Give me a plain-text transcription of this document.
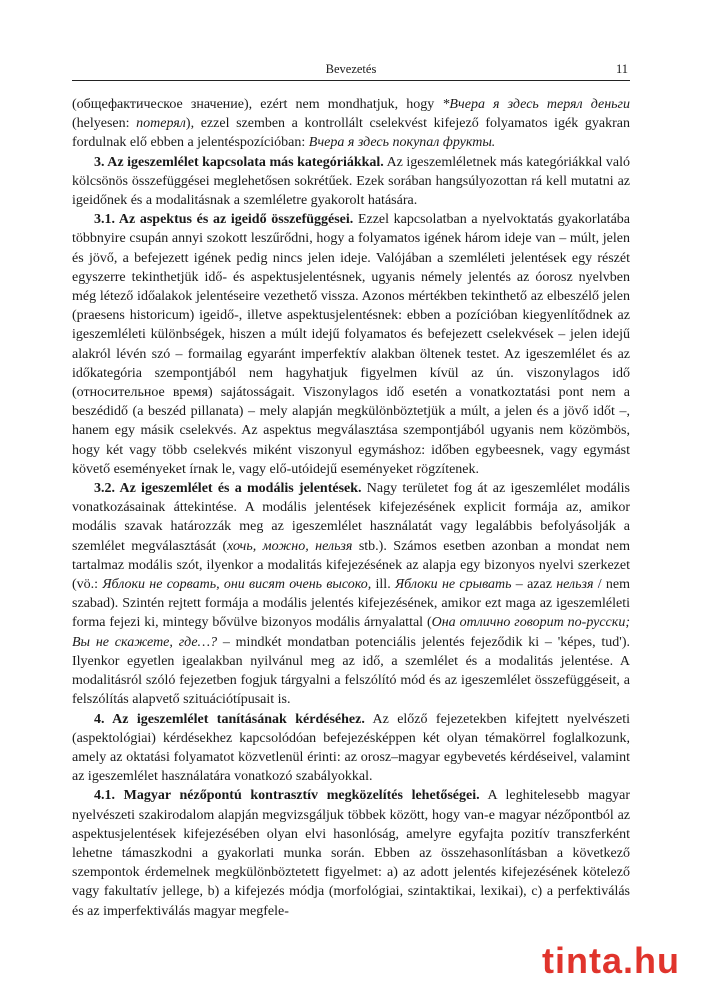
Bevezetés	11

(общефактическое значение), ezért nem mondhatjuk, hogy *Вчера я здесь терял деньги (helyesen: потерял), ezzel szemben a kontrollált cselekvést kifejező folyamatos igék gyakran fordulnak elő ebben a jelentéspozícióban: Вчера я здесь покупал фрукты.

3. Az igeszemlélet kapcsolata más kategóriákkal. Az igeszemléletnek más kategóriákkal való kölcsönös összefüggései meglehetősen sokrétűek. Ezek sorában hangsúlyozottan rá kell mutatni az igeidőnek és a modalitásnak a szemléletre gyakorolt hatására.

3.1. Az aspektus és az igeidő összefüggései. Ezzel kapcsolatban a nyelvoktatás gyakorlatába többnyire csupán annyi szokott leszűrődni, hogy a folyamatos igének három ideje van – múlt, jelen és jövő, a befejezett igének pedig nincs jelen ideje. Valójában a szemléleti jelentések egy részét egyszerre tekinthetjük idő- és aspektusjelentésnek, ugyanis némely jelentés az óorosz nyelvben még létező időalakok jelentéseire vezethető vissza. Azonos mértékben tekinthető az elbeszélő jelen (praesens historicum) igeidő-, illetve aspektusjelentésnek: ebben a pozícióban kiegyenlítődnek az igeszemléleti különbségek, hiszen a múlt idejű folyamatos és befejezett cselekvések – jelen idejű alakról lévén szó – formailag egyaránt imperfektív alakban öltenek testet. Az igeszemlélet és az időkategória szempontjából nem hagyhatjuk figyelmen kívül az ún. viszonylagos idő (относительное время) sajátosságait. Viszonylagos idő esetén a vonatkoztatási pont nem a beszédidő (a beszéd pillanata) – mely alapján megkülönböztetjük a múlt, a jelen és a jövő időt –, hanem egy másik cselekvés. Az aspektus megválasztása szempontjából ugyanis nem közömbös, hogy két vagy több cselekvés miként viszonyul egymáshoz: időben egybeesnek, vagy egymást követő eseményeket írnak le, vagy elő-utóidejű eseményeket rögzítenek.

3.2. Az igeszemlélet és a modális jelentések. Nagy területet fog át az igeszemlélet modális vonatkozásainak áttekintése. A modális jelentések kifejezésének explicit formája az, amikor modális szavak határozzák meg az igeszemlélet használatát vagy legalábbis befolyásolják a szemlélet megválasztását (хочь, можно, нельзя stb.). Számos esetben azonban a mondat nem tartalmaz modális szót, ilyenkor a modalitás kifejezésének az alapja egy bizonyos nyelvi szerkezet (vö.: Яблоки не сорвать, они висят очень высоко, ill. Яблоки не срывать – azaz нельзя / nem szabad). Szintén rejtett formája a modális jelentés kifejezésének, amikor ezt maga az igeszemléleti forma fejezi ki, mintegy bővülve bizonyos modális árnyalattal (Она отлично говорит по-русски; Вы не скажете, где…? – mindkét mondatban potenciális jelentés fejeződik ki – 'képes, tud'). Ilyenkor egyetlen igealakban nyilvánul meg az idő, a szemlélet és a modalitás jelentése. A modalitásról szóló fejezetben fogjuk tárgyalni a felszólító mód és az igeszemlélet összefüggéseit, a felszólítás alapvető szituációtípusait is.

4. Az igeszemlélet tanításának kérdéséhez. Az előző fejezetekben kifejtett nyelvészeti (aspektológiai) kérdésekhez kapcsolódóan befejezésképpen két olyan témakörrel foglalkozunk, amely az oktatási folyamatot közvetlenül érinti: az orosz–magyar egybevetés kérdéseivel, valamint az igeszemlélet használatára vonatkozó szabályokkal.

4.1. Magyar nézőpontú kontrasztív megközelítés lehetőségei. A leghitelesebb magyar nyelvészeti szakirodalom alapján megvizsgáljuk többek között, hogy van-e magyar nézőpontból az aspektusjelentések kifejezésében olyan elvi hasonlóság, amelyre egyfajta pozitív transzferként lehetne támaszkodni a gyakorlati munka során. Ebben az összehasonlításban a következő szempontok érdemelnek megkülönböztetett figyelmet: a) az adott jelentés kifejezésének kötelező vagy fakultatív jellege, b) a kifejezés módja (morfológiai, szintaktikai, lexikai), c) a perfektiválás és az imperfektiválás magyar megfele-

tinta.hu
